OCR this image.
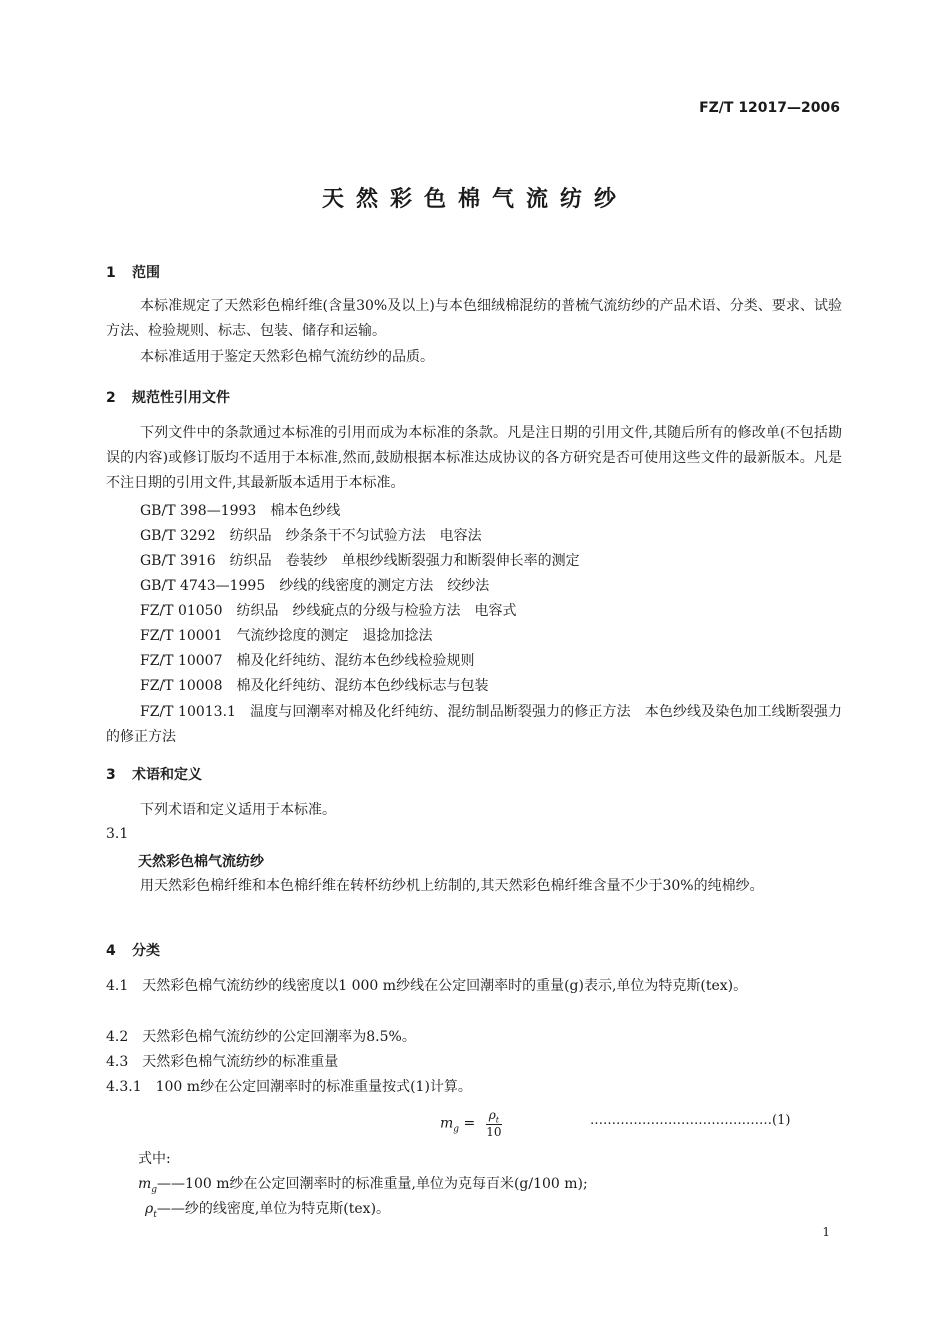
FZ/T 12017—2006
天然彩色棉气流纺纱
1 范围
本标准规定了天然彩色棉纤维(含量30%及以上)与本色细绒棉混纺的普梳气流纺纱的产品术语、分类、要求、试验方法、检验规则、标志、包装、储存和运输。
本标准适用于鉴定天然彩色棉气流纺纱的品质。
2 规范性引用文件
下列文件中的条款通过本标准的引用而成为本标准的条款。凡是注日期的引用文件,其随后所有的修改单(不包括勘误的内容)或修订版均不适用于本标准,然而,鼓励根据本标准达成协议的各方研究是否可使用这些文件的最新版本。凡是不注日期的引用文件,其最新版本适用于本标准。
GB/T 398—1993　棉本色纱线
GB/T 3292　纺织品　纱条条干不匀试验方法　电容法
GB/T 3916　纺织品　卷装纱　单根纱线断裂强力和断裂伸长率的测定
GB/T 4743—1995　纱线的线密度的测定方法　绞纱法
FZ/T 01050　纺织品　纱线疵点的分级与检验方法　电容式
FZ/T 10001　气流纱捻度的测定　退捻加捻法
FZ/T 10007　棉及化纤纯纺、混纺本色纱线检验规则
FZ/T 10008　棉及化纤纯纺、混纺本色纱线标志与包装
FZ/T 10013.1　温度与回潮率对棉及化纤纯纺、混纺制品断裂强力的修正方法　本色纱线及染色加工线断裂强力的修正方法
3 术语和定义
下列术语和定义适用于本标准。
3.1
天然彩色棉气流纺纱
用天然彩色棉纤维和本色棉纤维在转杯纺纱机上纺制的,其天然彩色棉纤维含量不少于30%的纯棉纱。
4 分类
4.1　天然彩色棉气流纺纱的线密度以1 000 m纱线在公定回潮率时的重量(g)表示,单位为特克斯(tex)。
4.2　天然彩色棉气流纺纱的公定回潮率为8.5%。
4.3　天然彩色棉气流纺纱的标准重量
4.3.1　100 m纱在公定回潮率时的标准重量按式(1)计算。
$m_g = \frac{\rho_t}{10}$	……………………………………(1)
式中:
$m_g——100$ m纱在公定回潮率时的标准重量,单位为克每百米(g/100 m);
$\rho_t——$纱的线密度,单位为特克斯(tex)。
1
